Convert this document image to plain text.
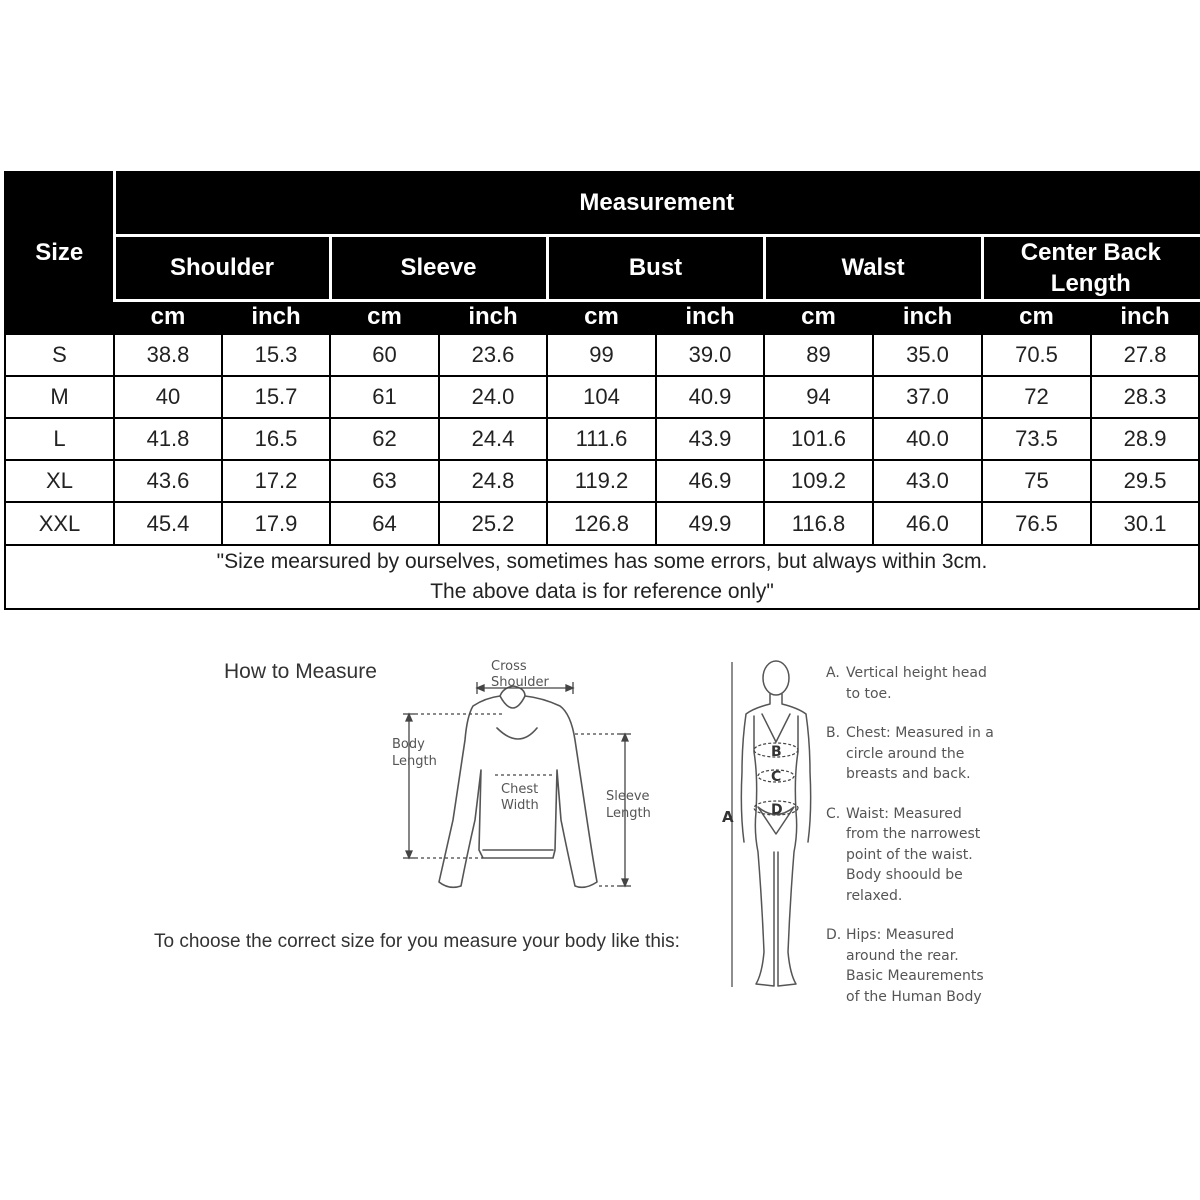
Size	Measurement									
	Shoulder		Sleeve		Bust		Walst		Center Back
Length	
	cm	inch	cm	inch	cm	inch	cm	inch	cm	inch
S	38.8	15.3	60	23.6	99	39.0	89	35.0	70.5	27.8
M	40	15.7	61	24.0	104	40.9	94	37.0	72	28.3
L	41.8	16.5	62	24.4	111.6	43.9	101.6	40.0	73.5	28.9
XL	43.6	17.2	63	24.8	119.2	46.9	109.2	43.0	75	29.5
XXL	45.4	17.9	64	25.2	126.8	49.9	116.8	46.0	76.5	30.1
"Size mearsured by ourselves, sometimes has some errors, but always within 3cm.
The above data is for reference only"										
How to Measure
To choose the correct size for you measure your body like this:
Cross
Shoulder
Body
Length
Chest
Width
Sleeve
Length	A
B
C
D
A. Vertical height head
to toe.
B. Chest: Measured in a
circle around the
breasts and back.
C. Waist: Measured
from the narrowest
point of the waist.
Body shoould be
relaxed.
D. Hips: Measured
around the rear.
Basic Meaurements
of the Human Body
